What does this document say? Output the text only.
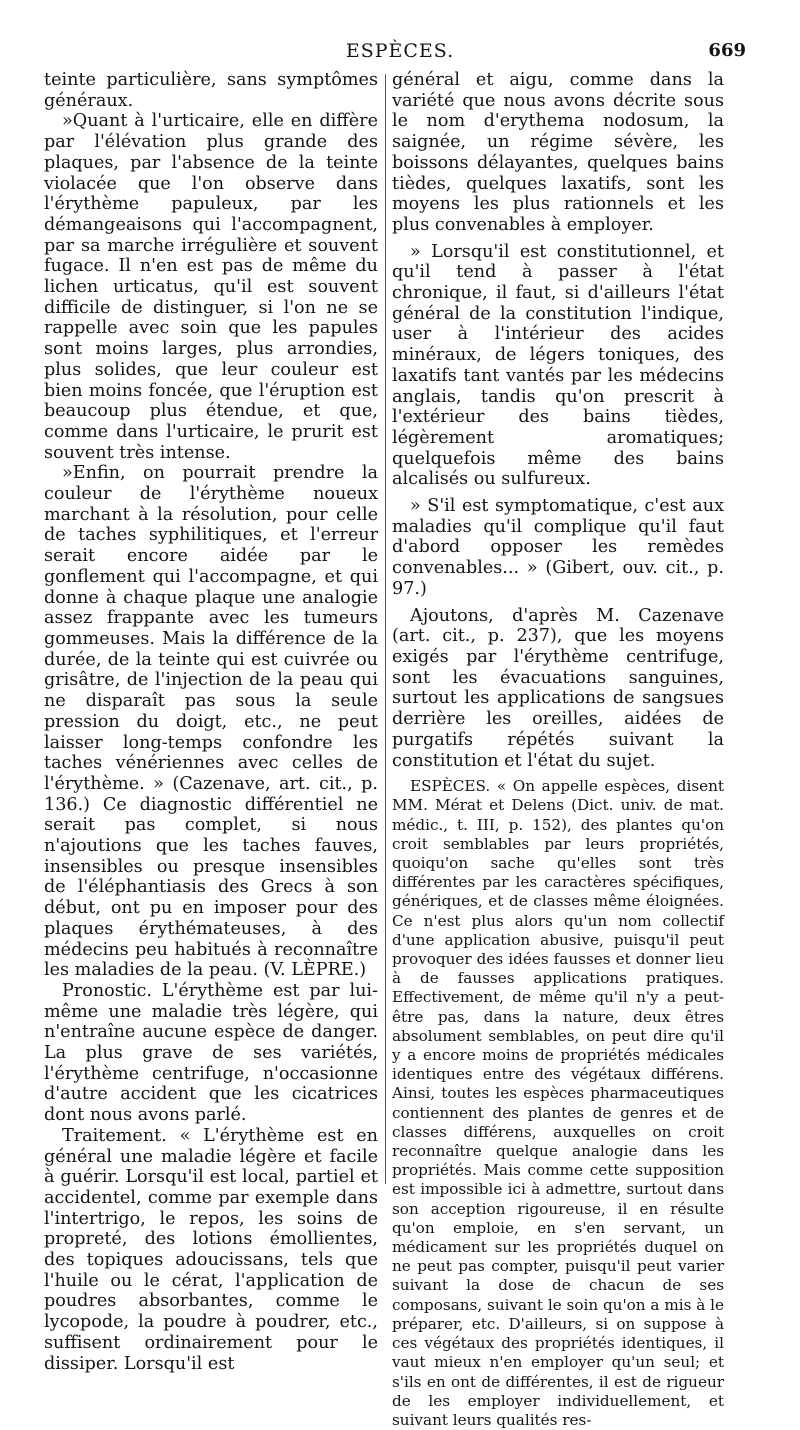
ESPÈCES.	669

teinte particulière, sans symptômes généraux.

»Quant à l'urticaire, elle en diffère par l'élévation plus grande des plaques, par l'absence de la teinte violacée que l'on observe dans l'érythème papuleux, par les démangeaisons qui l'accompagnent, par sa marche irrégulière et souvent fugace. Il n'en est pas de même du lichen urticatus, qu'il est souvent difficile de distinguer, si l'on ne se rappelle avec soin que les papules sont moins larges, plus arrondies, plus solides, que leur couleur est bien moins foncée, que l'éruption est beaucoup plus étendue, et que, comme dans l'urticaire, le prurit est souvent très intense.

»Enfin, on pourrait prendre la couleur de l'érythème noueux marchant à la résolution, pour celle de taches syphilitiques, et l'erreur serait encore aidée par le gonflement qui l'accompagne, et qui donne à chaque plaque une analogie assez frappante avec les tumeurs gommeuses. Mais la différence de la durée, de la teinte qui est cuivrée ou grisâtre, de l'injection de la peau qui ne disparaît pas sous la seule pression du doigt, etc., ne peut laisser long-temps confondre les taches vénériennes avec celles de l'érythème. » (Cazenave, art. cit., p. 136.) Ce diagnostic différentiel ne serait pas complet, si nous n'ajoutions que les taches fauves, insensibles ou presque insensibles de l'éléphantiasis des Grecs à son début, ont pu en imposer pour des plaques érythémateuses, à des médecins peu habitués à reconnaître les maladies de la peau. (V. LÈPRE.)

Pronostic. L'érythème est par lui-même une maladie très légère, qui n'entraîne aucune espèce de danger. La plus grave de ses variétés, l'érythème centrifuge, n'occasionne d'autre accident que les cicatrices dont nous avons parlé.

Traitement. « L'érythème est en général une maladie légère et facile à guérir. Lorsqu'il est local, partiel et accidentel, comme par exemple dans l'intertrigo, le repos, les soins de propreté, des lotions émollientes, des topiques adoucissans, tels que l'huile ou le cérat, l'application de poudres absorbantes, comme le lycopode, la poudre à poudrer, etc., suffisent ordinairement pour le dissiper. Lorsqu'il est

général et aigu, comme dans la variété que nous avons décrite sous le nom d'erythema nodosum, la saignée, un régime sévère, les boissons délayantes, quelques bains tièdes, quelques laxatifs, sont les moyens les plus rationnels et les plus convenables à employer.

» Lorsqu'il est constitutionnel, et qu'il tend à passer à l'état chronique, il faut, si d'ailleurs l'état général de la constitution l'indique, user à l'intérieur des acides minéraux, de légers toniques, des laxatifs tant vantés par les médecins anglais, tandis qu'on prescrit à l'extérieur des bains tièdes, légèrement aromatiques; quelquefois même des bains alcalisés ou sulfureux.

» S'il est symptomatique, c'est aux maladies qu'il complique qu'il faut d'abord opposer les remèdes convenables... » (Gibert, ouv. cit., p. 97.)

Ajoutons, d'après M. Cazenave (art. cit., p. 237), que les moyens exigés par l'érythème centrifuge, sont les évacuations sanguines, surtout les applications de sangsues derrière les oreilles, aidées de purgatifs répétés suivant la constitution et l'état du sujet.

ESPÈCES. « On appelle espèces, disent MM. Mérat et Delens (Dict. univ. de mat. médic., t. III, p. 152), des plantes qu'on croit semblables par leurs propriétés, quoiqu'on sache qu'elles sont très différentes par les caractères spécifiques, génériques, et de classes même éloignées. Ce n'est plus alors qu'un nom collectif d'une application abusive, puisqu'il peut provoquer des idées fausses et donner lieu à de fausses applications pratiques. Effectivement, de même qu'il n'y a peut-être pas, dans la nature, deux êtres absolument semblables, on peut dire qu'il y a encore moins de propriétés médicales identiques entre des végétaux différens. Ainsi, toutes les espèces pharmaceutiques contiennent des plantes de genres et de classes différens, auxquelles on croit reconnaître quelque analogie dans les propriétés. Mais comme cette supposition est impossible ici à admettre, surtout dans son acception rigoureuse, il en résulte qu'on emploie, en s'en servant, un médicament sur les propriétés duquel on ne peut pas compter, puisqu'il peut varier suivant la dose de chacun de ses composans, suivant le soin qu'on a mis à le préparer, etc. D'ailleurs, si on suppose à ces végétaux des propriétés identiques, il vaut mieux n'en employer qu'un seul; et s'ils en ont de différentes, il est de rigueur de les employer individuellement, et suivant leurs qualités res-
